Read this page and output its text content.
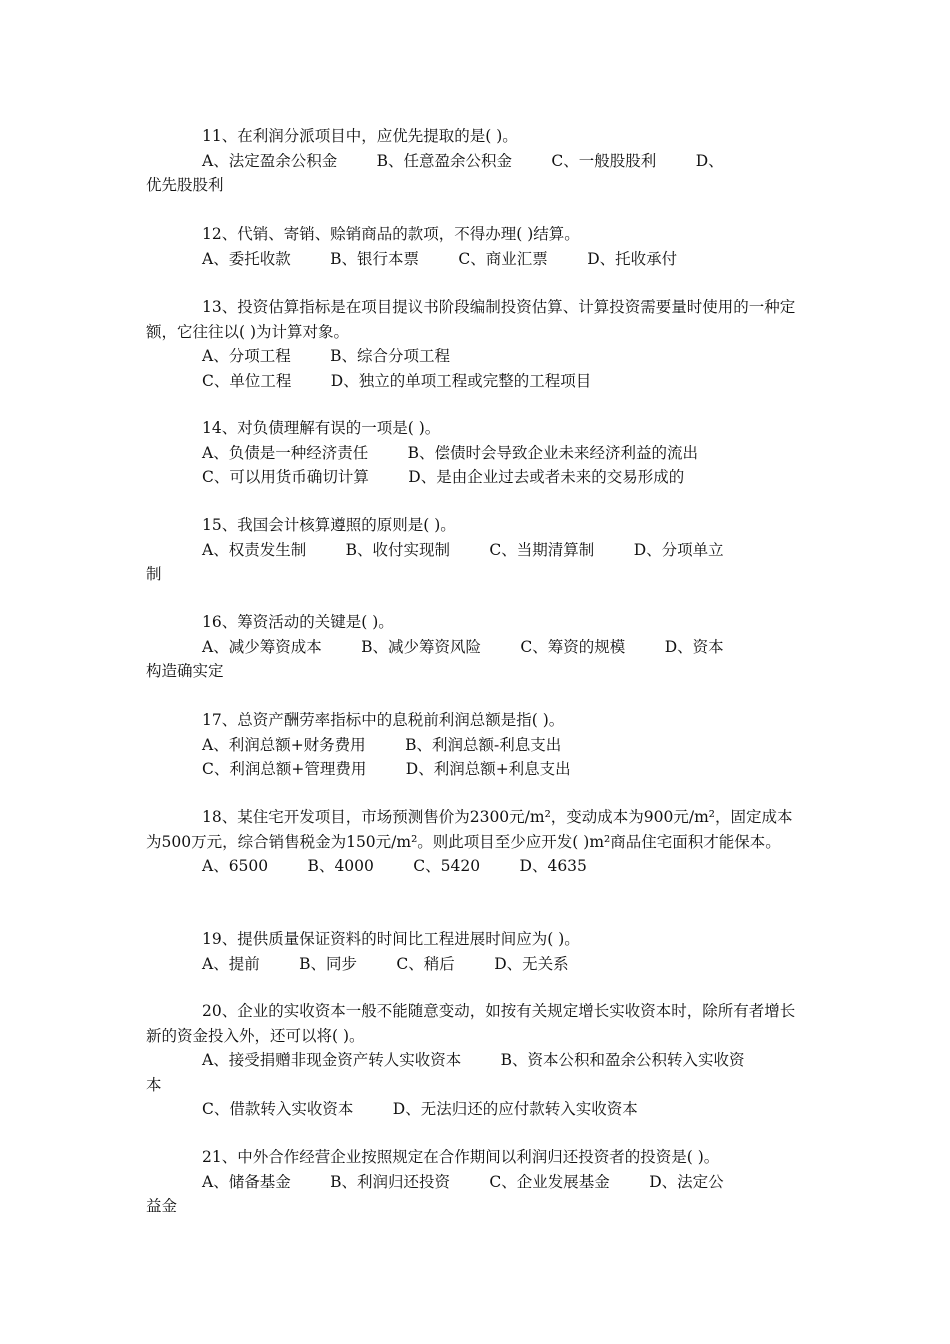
11、在利润分派项目中，应优先提取的是( )。
A、法定盈余公积金        B、任意盈余公积金        C、一般股股利        D、
优先股股利
12、代销、寄销、赊销商品的款项，不得办理( )结算。
A、委托收款        B、银行本票        C、商业汇票        D、托收承付
13、投资估算指标是在项目提议书阶段编制投资估算、计算投资需要量时使用的一种定额，它往往以( )为计算对象。
A、分项工程        B、综合分项工程
C、单位工程        D、独立的单项工程或完整的工程项目
14、对负债理解有误的一项是( )。
A、负债是一种经济责任        B、偿债时会导致企业未来经济利益的流出
C、可以用货币确切计算        D、是由企业过去或者未来的交易形成的
15、我国会计核算遵照的原则是( )。
A、权责发生制        B、收付实现制        C、当期清算制        D、分项单立
制
16、筹资活动的关键是( )。
A、减少筹资成本        B、减少筹资风险        C、筹资的规模        D、资本
构造确实定
17、总资产酬劳率指标中的息税前利润总额是指( )。
A、利润总额+财务费用        B、利润总额-利息支出
C、利润总额+管理费用        D、利润总额+利息支出
18、某住宅开发项目，市场预测售价为2300元/m²，变动成本为900元/m²，固定成本为500万元，综合销售税金为150元/m²。则此项目至少应开发( )m²商品住宅面积才能保本。
A、6500        B、4000        C、5420        D、4635
19、提供质量保证资料的时间比工程进展时间应为( )。
A、提前        B、同步        C、稍后        D、无关系
20、企业的实收资本一般不能随意变动，如按有关规定增长实收资本时，除所有者增长新的资金投入外，还可以将( )。
A、接受捐赠非现金资产转人实收资本        B、资本公积和盈余公积转入实收资
本
C、借款转入实收资本        D、无法归还的应付款转入实收资本
21、中外合作经营企业按照规定在合作期间以利润归还投资者的投资是( )。
A、储备基金        B、利润归还投资        C、企业发展基金        D、法定公
益金
